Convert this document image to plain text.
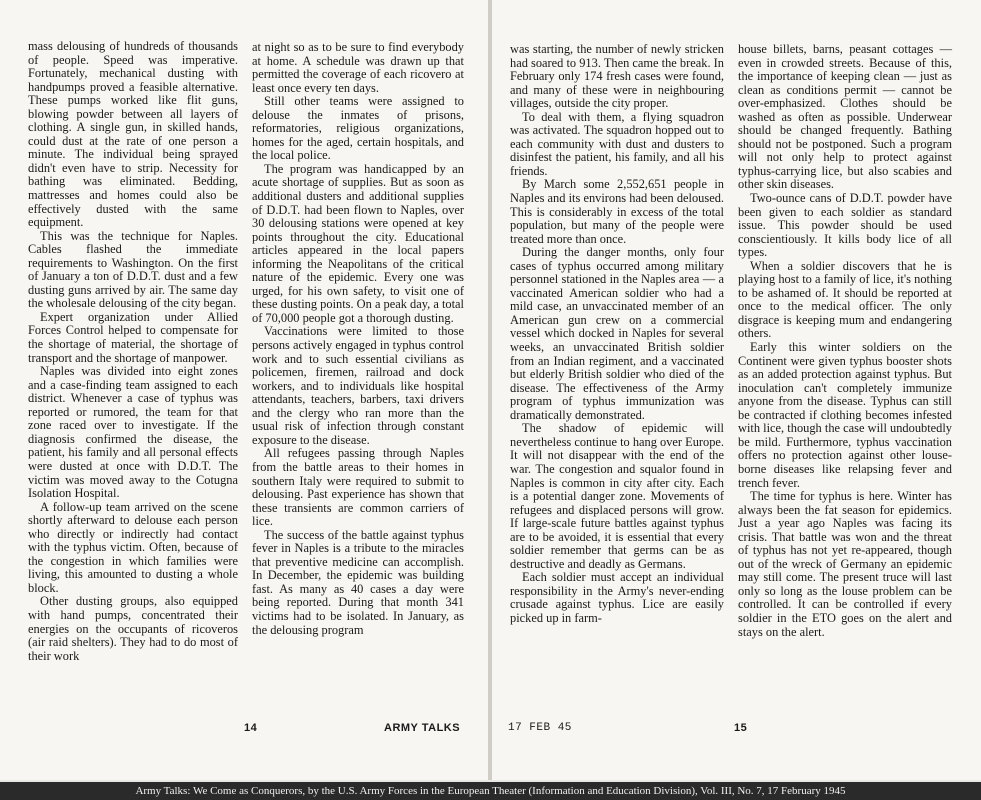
mass delousing of hundreds of thousands of people. Speed was imperative. Fortunately, mechanical dusting with handpumps proved a feasible alternative. These pumps worked like flit guns, blowing powder between all layers of clothing. A single gun, in skilled hands, could dust at the rate of one person a minute. The individual being sprayed didn't even have to strip. Necessity for bathing was eliminated. Bedding, mattresses and homes could also be effectively dusted with the same equipment.

This was the technique for Naples. Cables flashed the immediate requirements to Washington. On the first of January a ton of D.D.T. dust and a few dusting guns arrived by air. The same day the wholesale delousing of the city began.

Expert organization under Allied Forces Control helped to compensate for the shortage of material, the shortage of transport and the shortage of manpower.

Naples was divided into eight zones and a case-finding team assigned to each district. Whenever a case of typhus was reported or rumored, the team for that zone raced over to investigate. If the diagnosis confirmed the disease, the patient, his family and all personal effects were dusted at once with D.D.T. The victim was moved away to the Cotugna Isolation Hospital.

A follow-up team arrived on the scene shortly afterward to delouse each person who directly or indirectly had contact with the typhus victim. Often, because of the congestion in which families were living, this amounted to dusting a whole block.

Other dusting groups, also equipped with hand pumps, concentrated their energies on the occupants of ricoveros (air raid shelters). They had to do most of their work

at night so as to be sure to find everybody at home. A schedule was drawn up that permitted the coverage of each ricovero at least once every ten days.

Still other teams were assigned to delouse the inmates of prisons, reformatories, religious organizations, homes for the aged, certain hospitals, and the local police.

The program was handicapped by an acute shortage of supplies. But as soon as additional dusters and additional supplies of D.D.T. had been flown to Naples, over 30 delousing stations were opened at key points throughout the city. Educational articles appeared in the local papers informing the Neapolitans of the critical nature of the epidemic. Every one was urged, for his own safety, to visit one of these dusting points. On a peak day, a total of 70,000 people got a thorough dusting.

Vaccinations were limited to those persons actively engaged in typhus control work and to such essential civilians as policemen, firemen, railroad and dock workers, and to individuals like hospital attendants, teachers, barbers, taxi drivers and the clergy who ran more than the usual risk of infection through constant exposure to the disease.

All refugees passing through Naples from the battle areas to their homes in southern Italy were required to submit to delousing. Past experience has shown that these transients are common carriers of lice.

The success of the battle against typhus fever in Naples is a tribute to the miracles that preventive medicine can accomplish. In December, the epidemic was building fast. As many as 40 cases a day were being reported. During that month 341 victims had to be isolated. In January, as the delousing program

14	ARMY TALKS

was starting, the number of newly stricken had soared to 913. Then came the break. In February only 174 fresh cases were found, and many of these were in neighbouring villages, outside the city proper.

To deal with them, a flying squadron was activated. The squadron hopped out to each community with dust and dusters to disinfest the patient, his family, and all his friends.

By March some 2,552,651 people in Naples and its environs had been deloused. This is considerably in excess of the total population, but many of the people were treated more than once.

During the danger months, only four cases of typhus occurred among military personnel stationed in the Naples area — a vaccinated American soldier who had a mild case, an unvaccinated member of an American gun crew on a commercial vessel which docked in Naples for several weeks, an unvaccinated British soldier from an Indian regiment, and a vaccinated but elderly British soldier who died of the disease. The effectiveness of the Army program of typhus immunization was dramatically demonstrated.

The shadow of epidemic will nevertheless continue to hang over Europe. It will not disappear with the end of the war. The congestion and squalor found in Naples is common in city after city. Each is a potential danger zone. Movements of refugees and displaced persons will grow. If large-scale future battles against typhus are to be avoided, it is essential that every soldier remember that germs can be as destructive and deadly as Germans.

Each soldier must accept an individual responsibility in the Army's never-ending crusade against typhus. Lice are easily picked up in farm-

house billets, barns, peasant cottages — even in crowded streets. Because of this, the importance of keeping clean — just as clean as conditions permit — cannot be over-emphasized. Clothes should be washed as often as possible. Underwear should be changed frequently. Bathing should not be postponed. Such a program will not only help to protect against typhus-carrying lice, but also scabies and other skin diseases.

Two-ounce cans of D.D.T. powder have been given to each soldier as standard issue. This powder should be used conscientiously. It kills body lice of all types.

When a soldier discovers that he is playing host to a family of lice, it's nothing to be ashamed of. It should be reported at once to the medical officer. The only disgrace is keeping mum and endangering others.

Early this winter soldiers on the Continent were given typhus booster shots as an added protection against typhus. But inoculation can't completely immunize anyone from the disease. Typhus can still be contracted if clothing becomes infested with lice, though the case will undoubtedly be mild. Furthermore, typhus vaccination offers no protection against other louse-borne diseases like relapsing fever and trench fever.

The time for typhus is here. Winter has always been the fat season for epidemics. Just a year ago Naples was facing its crisis. That battle was won and the threat of typhus has not yet re-appeared, though out of the wreck of Germany an epidemic may still come. The present truce will last only so long as the louse problem can be controlled. It can be controlled if every soldier in the ETO goes on the alert and stays on the alert.

17 FEB 45	15
Army Talks: We Come as Conquerors, by the U.S. Army Forces in the European Theater (Information and Education Division), Vol. III, No. 7, 17 February 1945
